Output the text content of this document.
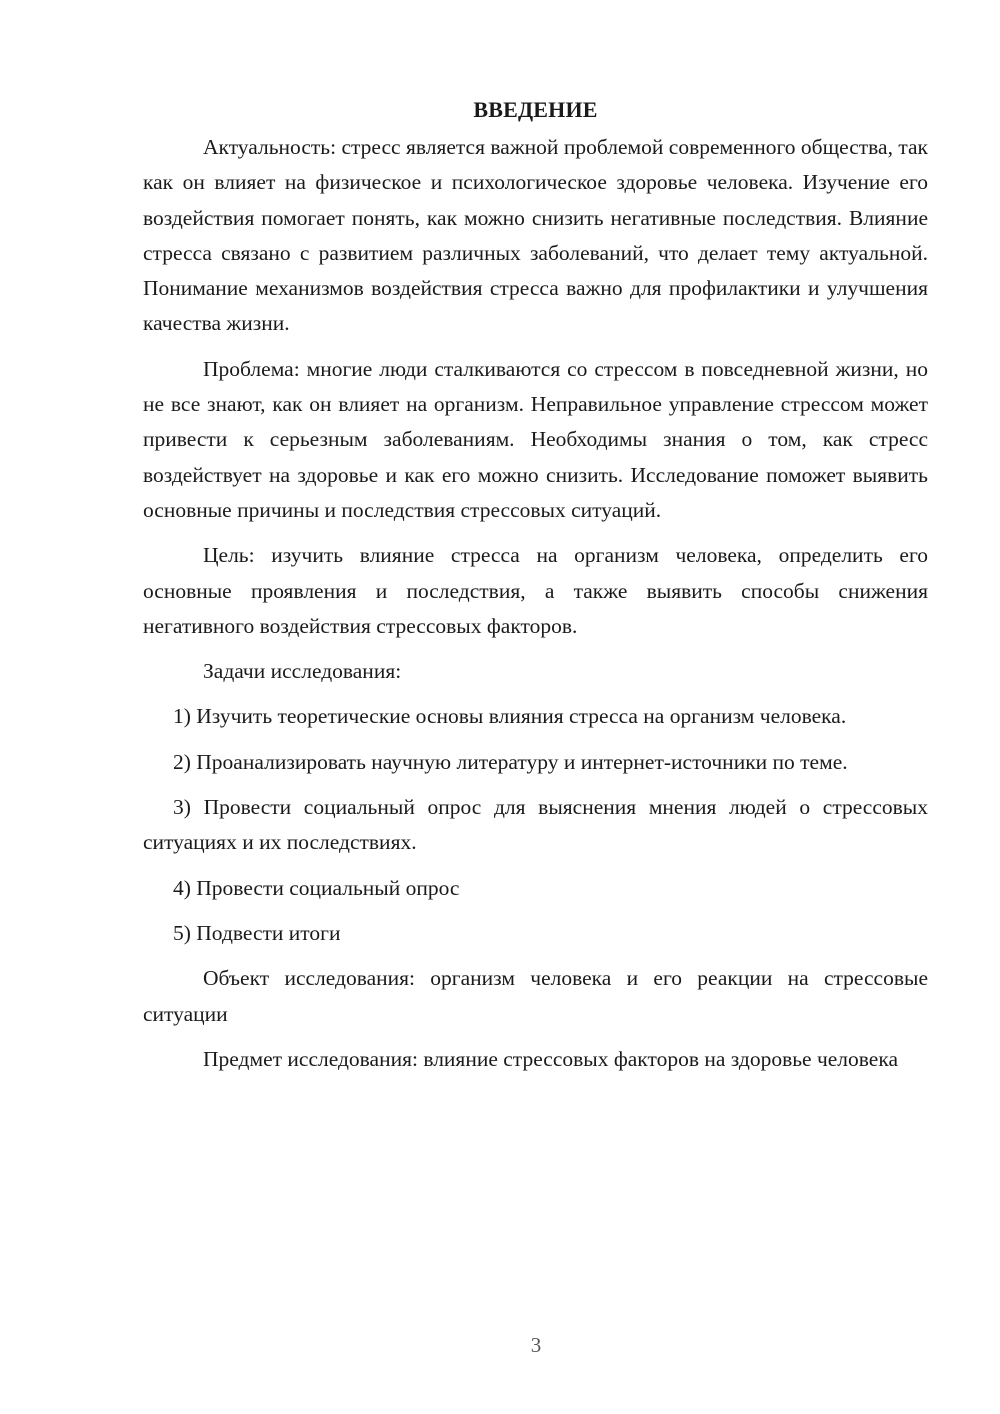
ВВЕДЕНИЕ

Актуальность: стресс является важной проблемой современного общества, так как он влияет на физическое и психологическое здоровье человека. Изучение его воздействия помогает понять, как можно снизить негативные последствия. Влияние стресса связано с развитием различных заболеваний, что делает тему актуальной. Понимание механизмов воздействия стресса важно для профилактики и улучшения качества жизни.

Проблема: многие люди сталкиваются со стрессом в повседневной жизни, но не все знают, как он влияет на организм. Неправильное управление стрессом может привести к серьезным заболеваниям. Необходимы знания о том, как стресс воздействует на здоровье и как его можно снизить. Исследование поможет выявить основные причины и последствия стрессовых ситуаций.

Цель: изучить влияние стресса на организм человека, определить его основные проявления и последствия, а также выявить способы снижения негативного воздействия стрессовых факторов.

Задачи исследования:

1) Изучить теоретические основы влияния стресса на организм человека.

2) Проанализировать научную литературу и интернет-источники по теме.

3) Провести социальный опрос для выяснения мнения людей о стрессовых ситуациях и их последствиях.

4) Провести социальный опрос

5) Подвести итоги

Объект исследования: организм человека и его реакции на стрессовые ситуации

Предмет исследования: влияние стрессовых факторов на здоровье человека

3
